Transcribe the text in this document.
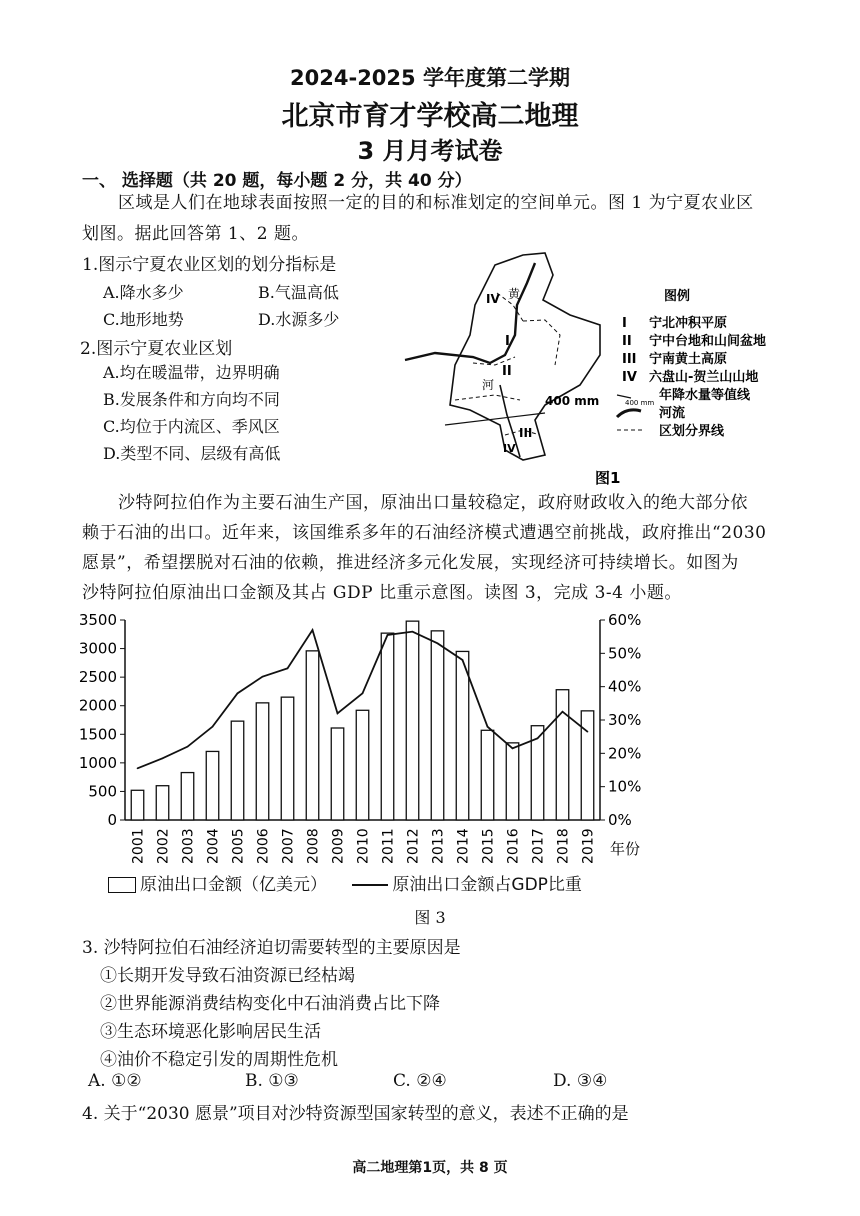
2024-2025 学年度第二学期
北京市育才学校高二地理
3 月月考试卷
一、 选择题（共 20 题，每小题 2 分，共 40 分）
区域是人们在地球表面按照一定的目的和标准划定的空间单元。图 1 为宁夏农业区
划图。据此回答第 1、2 题。
1.图示宁夏农业区划的划分指标是
A.降水多少	B.气温高低
C.地形地势	D.水源多少
2.图示宁夏农业区划
A.均在暖温带，边界明确
B.发展条件和方向均不同
C.均位于内流区、季风区
D.类型不同、层级有高低
IV 黄
I
II
河
400 mm
III
IV
图例
I 宁北冲积平原
II 宁中台地和山间盆地
III 宁南黄土高原
IV 六盘山-贺兰山山地
400 mm 年降水量等值线
河流
区划分界线
图1
沙特阿拉伯作为主要石油生产国，原油出口量较稳定，政府财政收入的绝大部分依
赖于石油的出口。近年来，该国维系多年的石油经济模式遭遇空前挑战，政府推出“2030
愿景”，希望摆脱对石油的依赖，推进经济多元化发展，实现经济可持续增长。如图为
沙特阿拉伯原油出口金额及其占 GDP 比重示意图。读图 3，完成 3-4 小题。
0
500
1000
1500
2000
2500
3000
3500
0%
10%
20%
30%
40%
50%
60%
2001 2002 2003 2004 2005 2006 2007 2008 2009 2010 2011 2012 2013 2014 2015 2016 2017 2018 2019 年份
原油出口金额（亿美元）	原油出口金额占GDP比重
图 3
3. 沙特阿拉伯石油经济迫切需要转型的主要原因是
①长期开发导致石油资源已经枯竭
②世界能源消费结构变化中石油消费占比下降
③生态环境恶化影响居民生活
④油价不稳定引发的周期性危机
A. ①②	B. ①③	C. ②④	D. ③④
4. 关于“2030 愿景”项目对沙特资源型国家转型的意义，表述不正确的是
高二地理第1页，共 8 页
